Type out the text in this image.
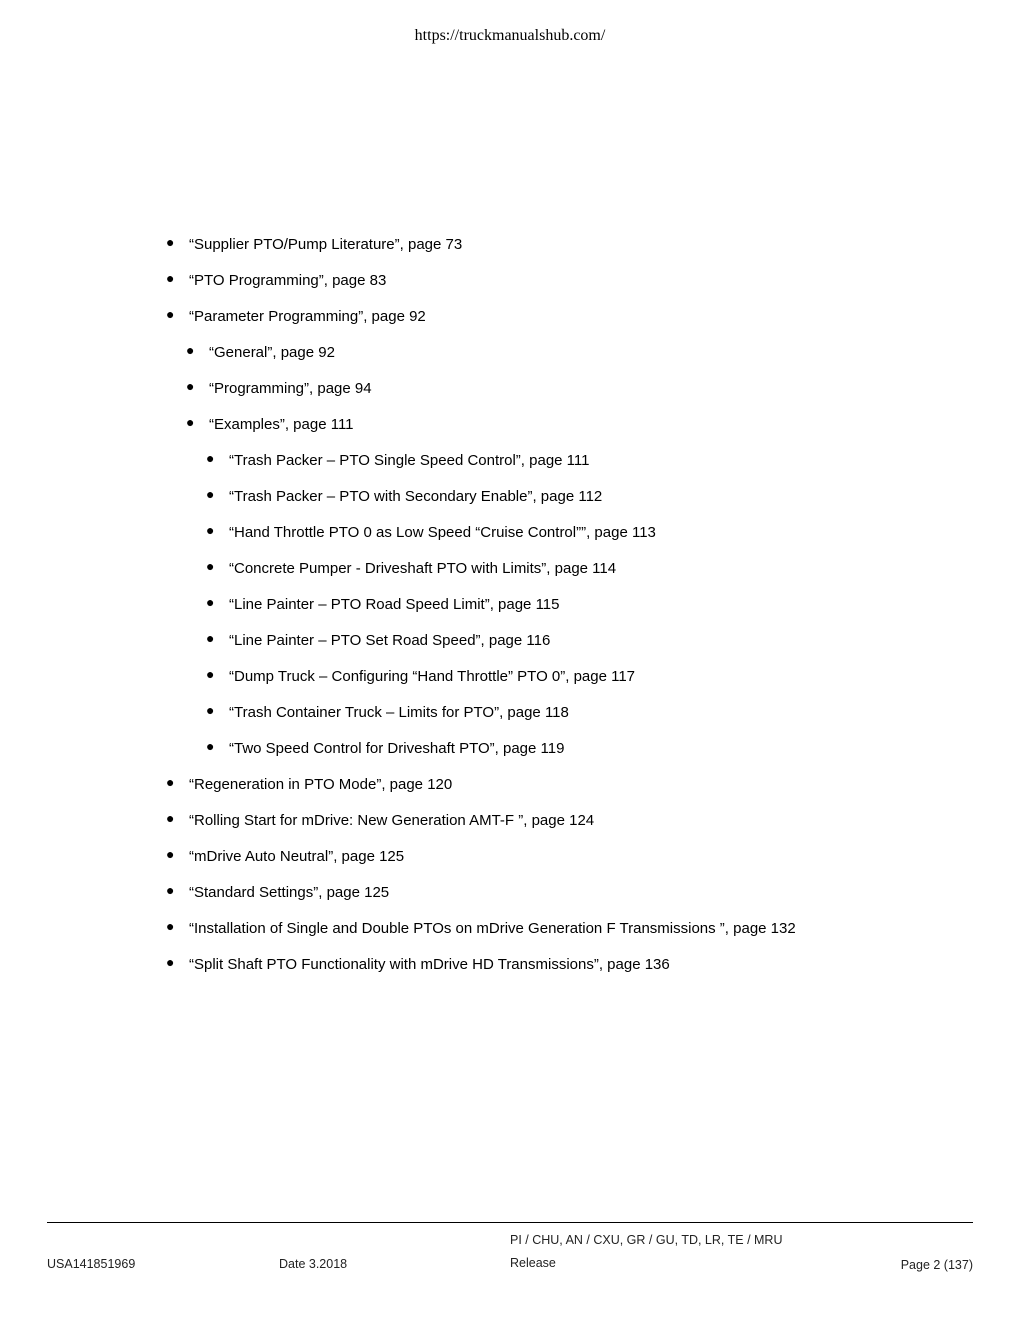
https://truckmanualshub.com/
● “Supplier PTO/Pump Literature”, page 73
● “PTO Programming”, page 83
● “Parameter Programming”, page 92
● “General”, page 92
● “Programming”, page 94
● “Examples”, page 111
● “Trash Packer – PTO Single Speed Control”, page 111
● “Trash Packer – PTO with Secondary Enable”, page 112
● “Hand Throttle PTO 0 as Low Speed “Cruise Control””, page 113
● “Concrete Pumper - Driveshaft PTO with Limits”, page 114
● “Line Painter – PTO Road Speed Limit”, page 115
● “Line Painter – PTO Set Road Speed”, page 116
● “Dump Truck – Configuring “Hand Throttle” PTO 0”, page 117
● “Trash Container Truck – Limits for PTO”, page 118
● “Two Speed Control for Driveshaft PTO”, page 119
● “Regeneration in PTO Mode”, page 120
● “Rolling Start for mDrive: New Generation AMT-F ”, page 124
● “mDrive Auto Neutral”, page 125
● “Standard Settings”, page 125
● “Installation of Single and Double PTOs on mDrive Generation F Transmissions ”, page 132
● “Split Shaft PTO Functionality with mDrive HD Transmissions”, page 136
USA141851969	Date 3.2018
PI / CHU, AN / CXU, GR / GU, TD, LR, TE / MRU
Release	Page 2 (137)
